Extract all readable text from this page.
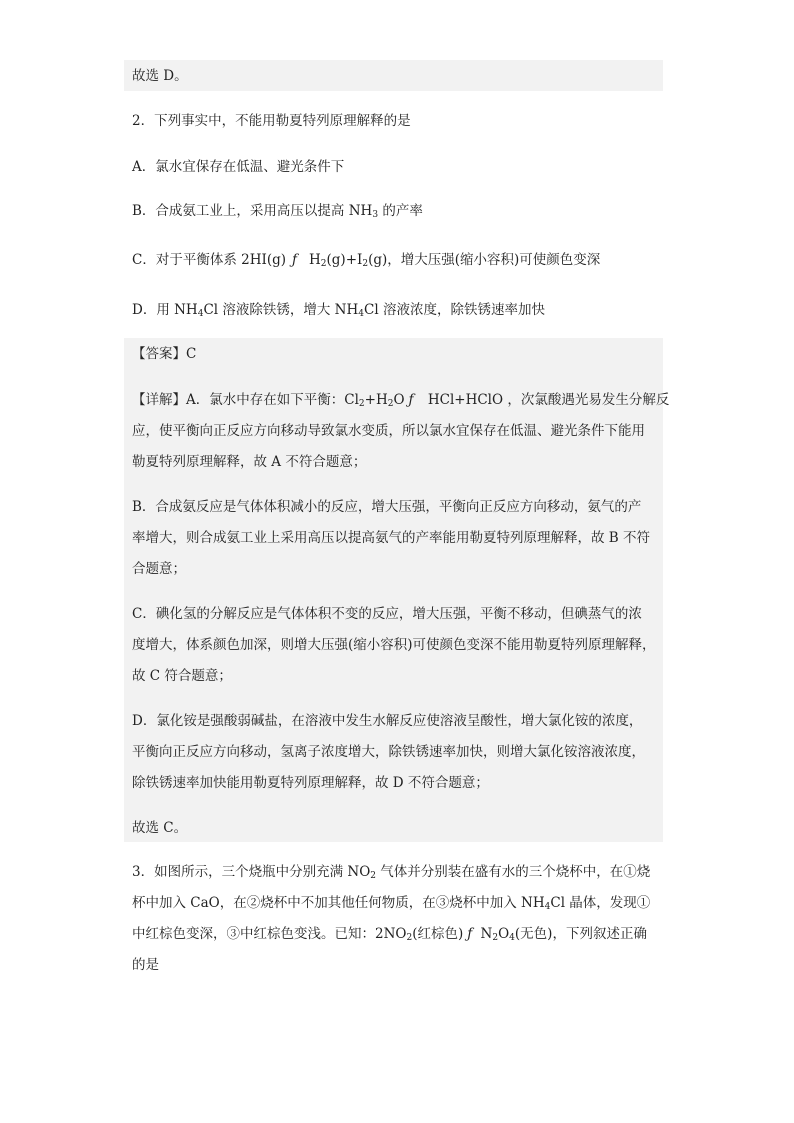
故选 D。
2．下列事实中，不能用勒夏特列原理解释的是
A．氯水宜保存在低温、避光条件下
B．合成氨工业上，采用高压以提高 $NH_3$ 的产率
C．对于平衡体系 2HI(g) ƒ $H_2(g)+I_2(g)$，增大压强(缩小容积)可使颜色变深
D．用 $NH_4Cl$ 溶液除铁锈，增大 $NH_4Cl$ 溶液浓度，除铁锈速率加快
【答案】C
【详解】A．氯水中存在如下平衡：$Cl_2+H_2O$ ƒ HCl+HClO ，次氯酸遇光易发生分解反
应，使平衡向正反应方向移动导致氯水变质，所以氯水宜保存在低温、避光条件下能用
勒夏特列原理解释，故 A 不符合题意；
B．合成氨反应是气体体积减小的反应，增大压强，平衡向正反应方向移动，氨气的产
率增大，则合成氨工业上采用高压以提高氨气的产率能用勒夏特列原理解释，故 B 不符
合题意；
C．碘化氢的分解反应是气体体积不变的反应，增大压强，平衡不移动，但碘蒸气的浓
度增大，体系颜色加深，则增大压强(缩小容积)可使颜色变深不能用勒夏特列原理解释，
故 C 符合题意；
D．氯化铵是强酸弱碱盐，在溶液中发生水解反应使溶液呈酸性，增大氯化铵的浓度，
平衡向正反应方向移动，氢离子浓度增大，除铁锈速率加快，则增大氯化铵溶液浓度，
除铁锈速率加快能用勒夏特列原理解释，故 D 不符合题意；
故选 C。
3．如图所示，三个烧瓶中分别充满 $NO_2$ 气体并分别装在盛有水的三个烧杯中，在①烧
杯中加入 CaO，在②烧杯中不加其他任何物质，在③烧杯中加入 $NH_4Cl$ 晶体，发现①
中红棕色变深，③中红棕色变浅。已知：$2NO_2$(红棕色) ƒ $N_2O_4$(无色)，下列叙述正确
的是
